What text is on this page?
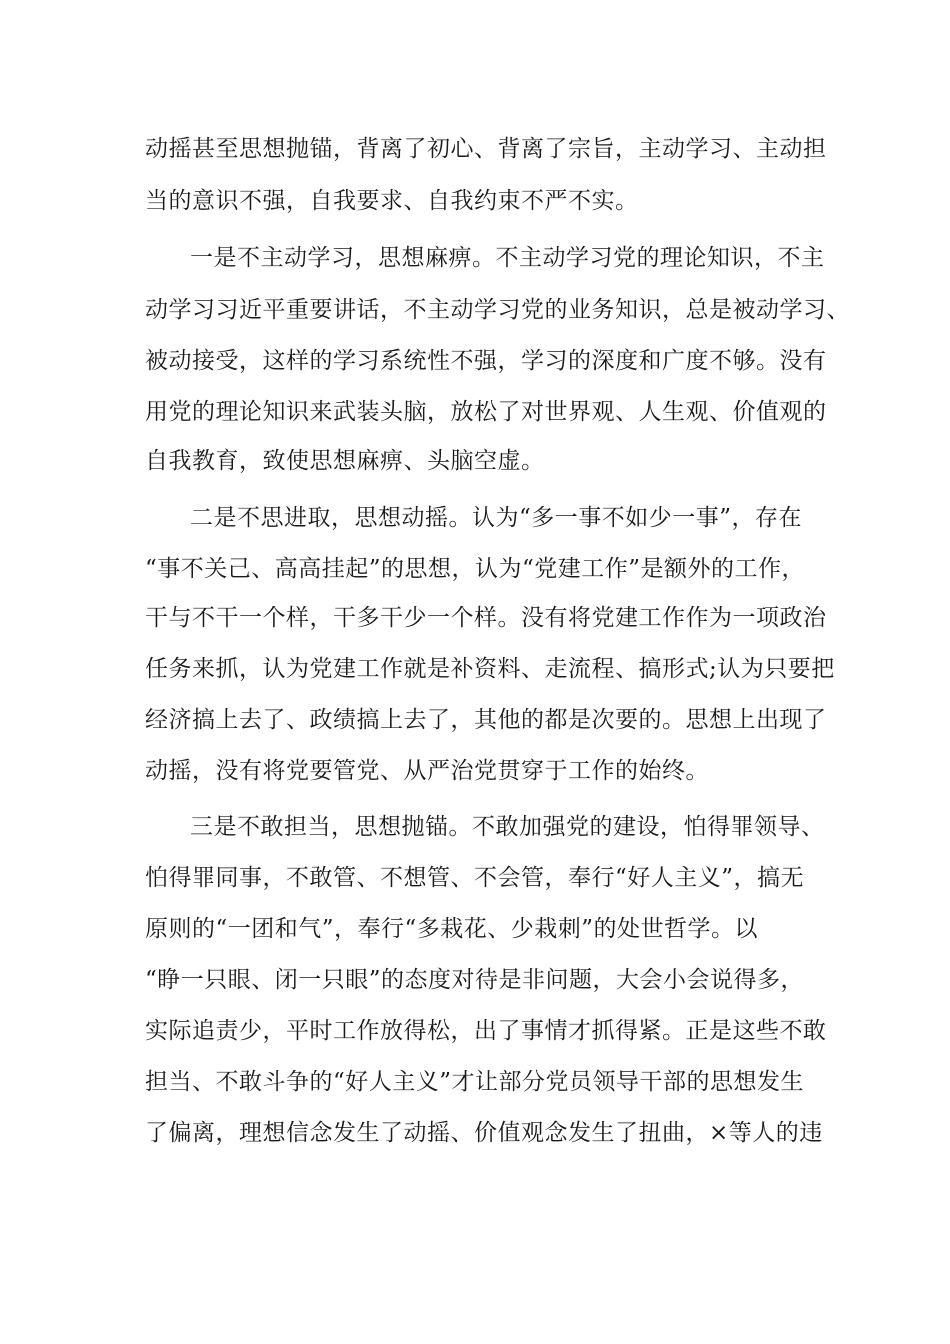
动摇甚至思想抛锚，背离了初心、背离了宗旨，主动学习、主动担
当的意识不强，自我要求、自我约束不严不实。
一是不主动学习，思想麻痹。不主动学习党的理论知识，不主
动学习习近平重要讲话，不主动学习党的业务知识，总是被动学习、
被动接受，这样的学习系统性不强，学习的深度和广度不够。没有
用党的理论知识来武装头脑，放松了对世界观、人生观、价值观的
自我教育，致使思想麻痹、头脑空虚。
二是不思进取，思想动摇。认为“多一事不如少一事”，存在
“事不关己、高高挂起”的思想，认为“党建工作”是额外的工作，
干与不干一个样，干多干少一个样。没有将党建工作作为一项政治
任务来抓，认为党建工作就是补资料、走流程、搞形式;认为只要把
经济搞上去了、政绩搞上去了，其他的都是次要的。思想上出现了
动摇，没有将党要管党、从严治党贯穿于工作的始终。
三是不敢担当，思想抛锚。不敢加强党的建设，怕得罪领导、
怕得罪同事，不敢管、不想管、不会管，奉行“好人主义”，搞无
原则的“一团和气”，奉行“多栽花、少栽刺”的处世哲学。以
“睁一只眼、闭一只眼”的态度对待是非问题，大会小会说得多，
实际追责少，平时工作放得松，出了事情才抓得紧。正是这些不敢
担当、不敢斗争的“好人主义”才让部分党员领导干部的思想发生
了偏离，理想信念发生了动摇、价值观念发生了扭曲，×等人的违
